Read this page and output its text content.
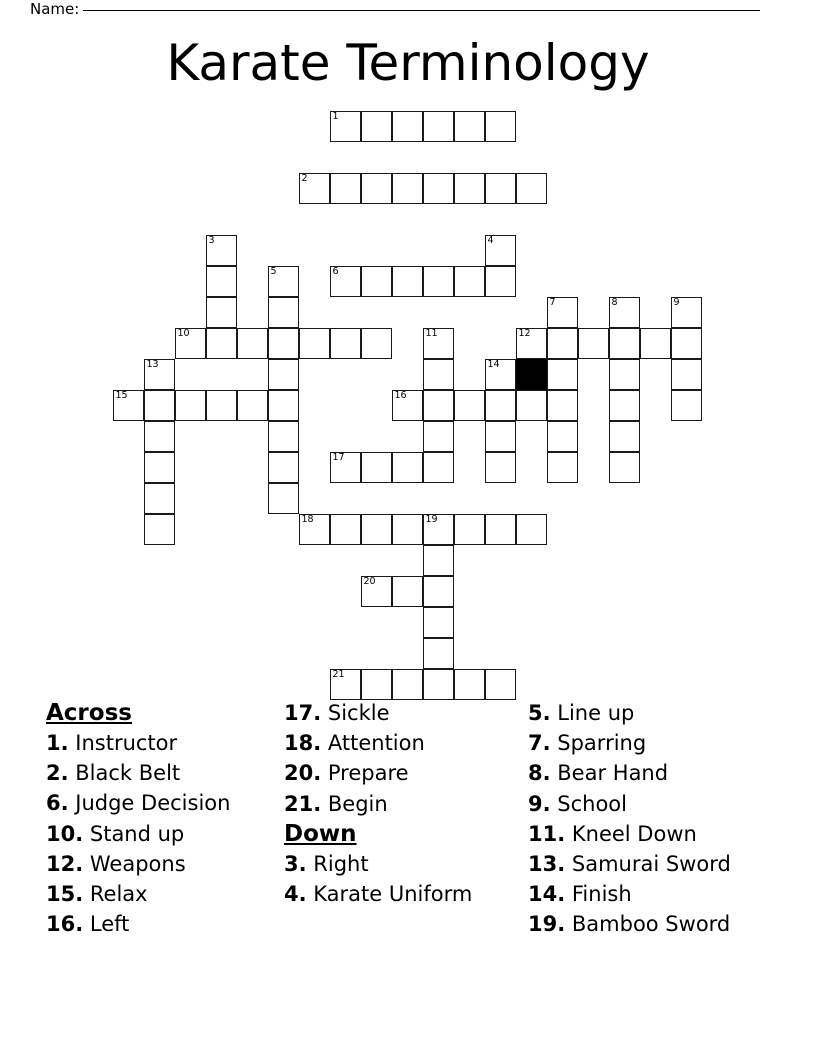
Name:
Karate Terminology
1
2
3	4
5	6
7	8	9
10	11	12
13	14
15	16
17
18	19
20
21
Across
1. Instructor
2. Black Belt
6. Judge Decision
10. Stand up
12. Weapons
15. Relax
16. Left
17. Sickle
18. Attention
20. Prepare
21. Begin
Down
3. Right
4. Karate Uniform
5. Line up
7. Sparring
8. Bear Hand
9. School
11. Kneel Down
13. Samurai Sword
14. Finish
19. Bamboo Sword
